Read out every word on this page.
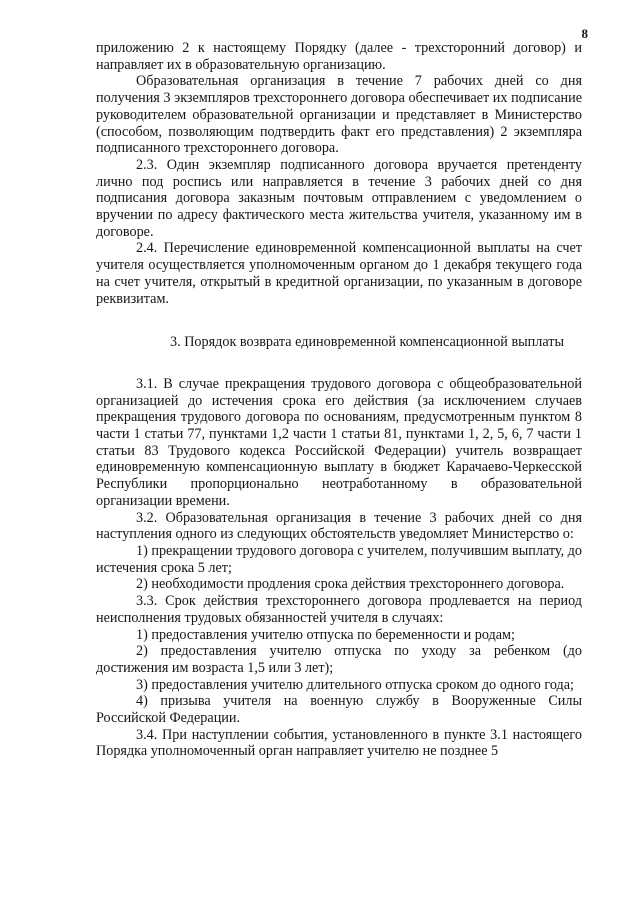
8

приложению 2 к настоящему Порядку (далее - трехсторонний договор) и направляет их в образовательную организацию.

Образовательная организация в течение 7 рабочих дней со дня получения 3 экземпляров трехстороннего договора обеспечивает их подписание руководителем образовательной организации и представляет в Министерство (способом, позволяющим подтвердить факт его представления) 2 экземпляра подписанного трехстороннего договора.

2.3. Один экземпляр подписанного договора вручается претенденту лично под роспись или направляется в течение 3 рабочих дней со дня подписания договора заказным почтовым отправлением с уведомлением о вручении по адресу фактического места жительства учителя, указанному им в договоре.

2.4. Перечисление единовременной компенсационной выплаты на счет учителя осуществляется уполномоченным органом до 1 декабря текущего года на счет учителя, открытый в кредитной организации, по указанным в договоре реквизитам.

3. Порядок возврата единовременной компенсационной выплаты

3.1. В случае прекращения трудового договора с общеобразовательной организацией до истечения срока его действия (за исключением случаев прекращения трудового договора по основаниям, предусмотренным пунктом 8 части 1 статьи 77, пунктами 1,2 части 1 статьи 81, пунктами 1, 2, 5, 6, 7 части 1 статьи 83 Трудового кодекса Российской Федерации) учитель возвращает единовременную компенсационную выплату в бюджет Карачаево-Черкесской Республики пропорционально неотработанному в образовательной организации времени.

3.2. Образовательная организация в течение 3 рабочих дней со дня наступления одного из следующих обстоятельств уведомляет Министерство о:

1) прекращении трудового договора с учителем, получившим выплату, до истечения срока 5 лет;

2) необходимости продления срока действия трехстороннего договора.

3.3. Срок действия трехстороннего договора продлевается на период неисполнения трудовых обязанностей учителя в случаях:

1) предоставления учителю отпуска по беременности и родам;

2) предоставления учителю отпуска по уходу за ребенком (до достижения им возраста 1,5 или 3 лет);

3) предоставления учителю длительного отпуска сроком до одного года;

4) призыва учителя на военную службу в Вооруженные Силы Российской Федерации.

3.4. При наступлении события, установленного в пункте 3.1 настоящего Порядка уполномоченный орган направляет учителю не позднее 5
